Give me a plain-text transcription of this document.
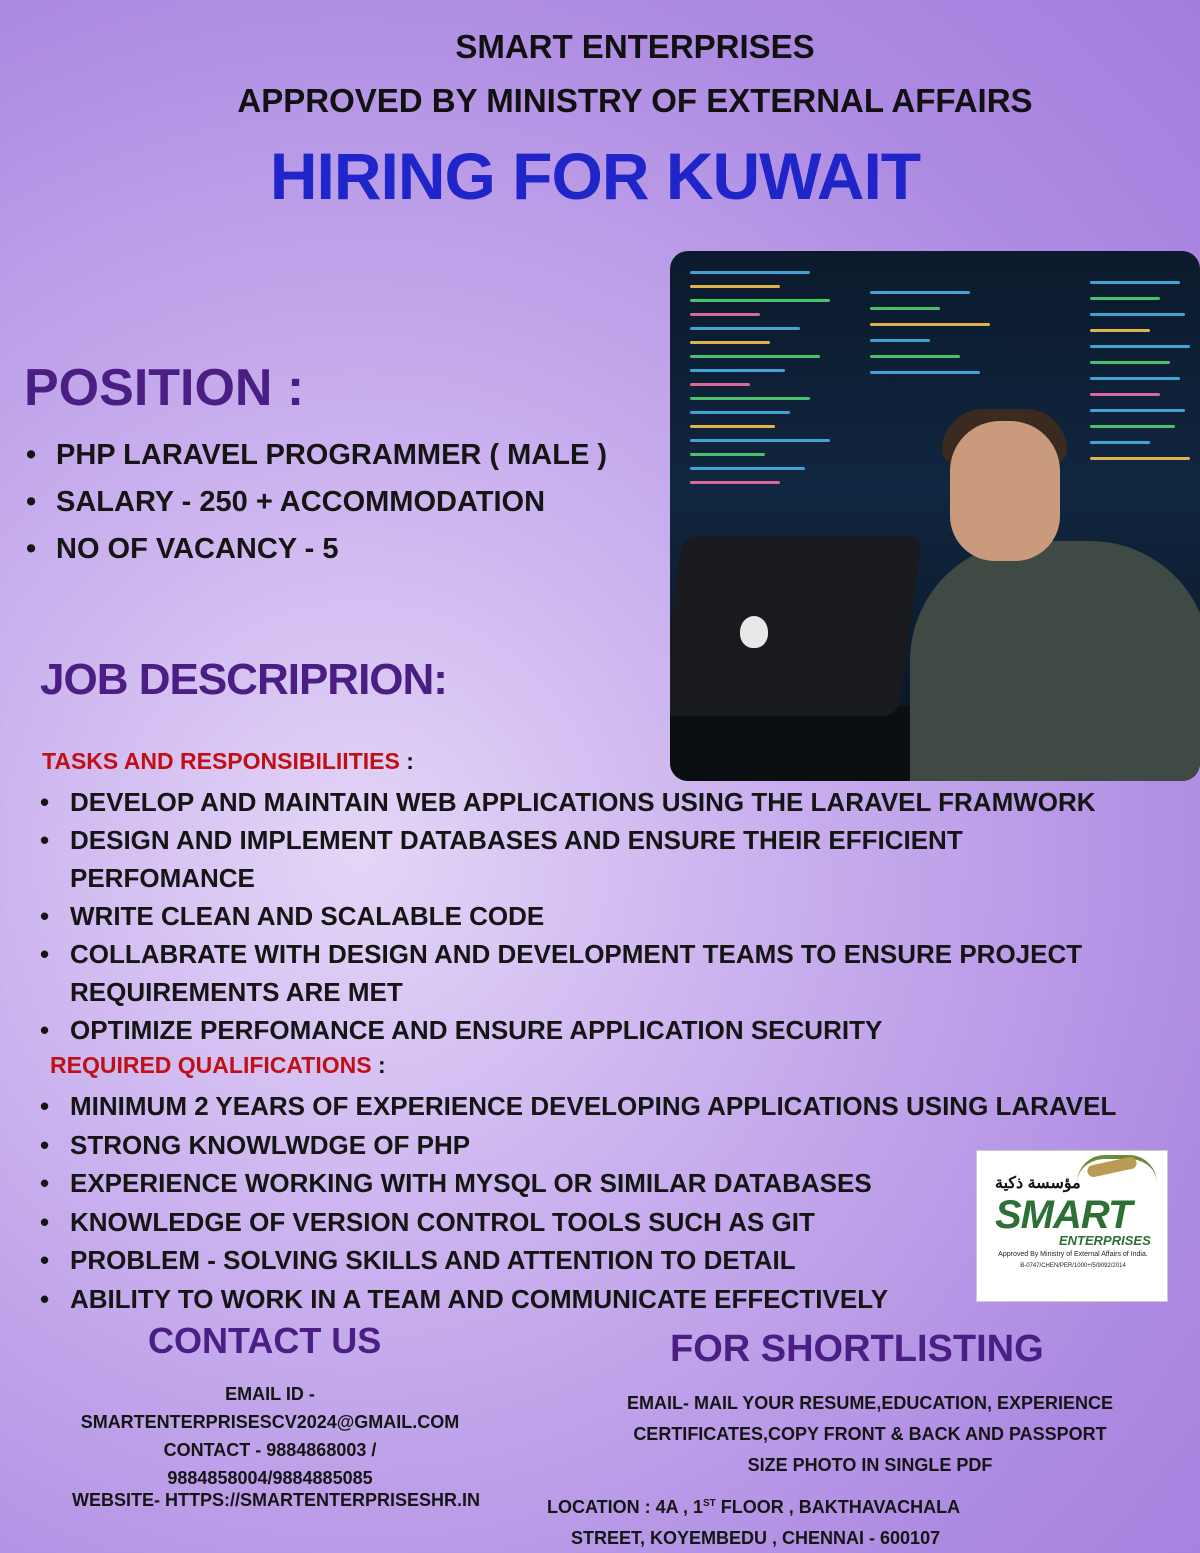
SMART ENTERPRISES
APPROVED BY MINISTRY OF EXTERNAL AFFAIRS
HIRING FOR KUWAIT
POSITION :
• PHP LARAVEL PROGRAMMER ( MALE )
• SALARY - 250 + ACCOMMODATION
• NO OF VACANCY - 5
JOB DESCRIPRION:
TASKS AND RESPONSIBILIITIES :
• DEVELOP AND MAINTAIN WEB APPLICATIONS USING THE LARAVEL FRAMWORK
• DESIGN AND IMPLEMENT DATABASES AND ENSURE THEIR EFFICIENT PERFOMANCE
• WRITE CLEAN AND SCALABLE CODE
• COLLABRATE WITH DESIGN AND DEVELOPMENT TEAMS TO ENSURE PROJECT REQUIREMENTS ARE MET
• OPTIMIZE PERFOMANCE AND ENSURE APPLICATION SECURITY
REQUIRED QUALIFICATIONS :
• MINIMUM 2 YEARS OF EXPERIENCE DEVELOPING APPLICATIONS USING LARAVEL
• STRONG KNOWLWDGE OF PHP
• EXPERIENCE WORKING WITH MYSQL OR SIMILAR DATABASES
• KNOWLEDGE OF VERSION CONTROL TOOLS SUCH AS GIT
• PROBLEM - SOLVING SKILLS AND ATTENTION TO DETAIL
• ABILITY TO WORK IN A TEAM AND COMMUNICATE EFFECTIVELY
مؤسسة ذكية
SMART
ENTERPRISES
Approved By Ministry of External Affairs of India.
B-0747/CHEN/PER/1000+/5/9092/2014
CONTACT US
EMAIL ID -
SMARTENTERPRISESCV2024@GMAIL.COM
CONTACT - 9884868003 /
9884858004/9884885085
WEBSITE- HTTPS://SMARTENTERPRISESHR.IN
FOR SHORTLISTING
EMAIL- MAIL YOUR RESUME,EDUCATION, EXPERIENCE
CERTIFICATES,COPY FRONT & BACK AND PASSPORT
SIZE PHOTO IN SINGLE PDF
LOCATION : 4A , 1ST FLOOR , BAKTHAVACHALA
STREET, KOYEMBEDU , CHENNAI - 600107
